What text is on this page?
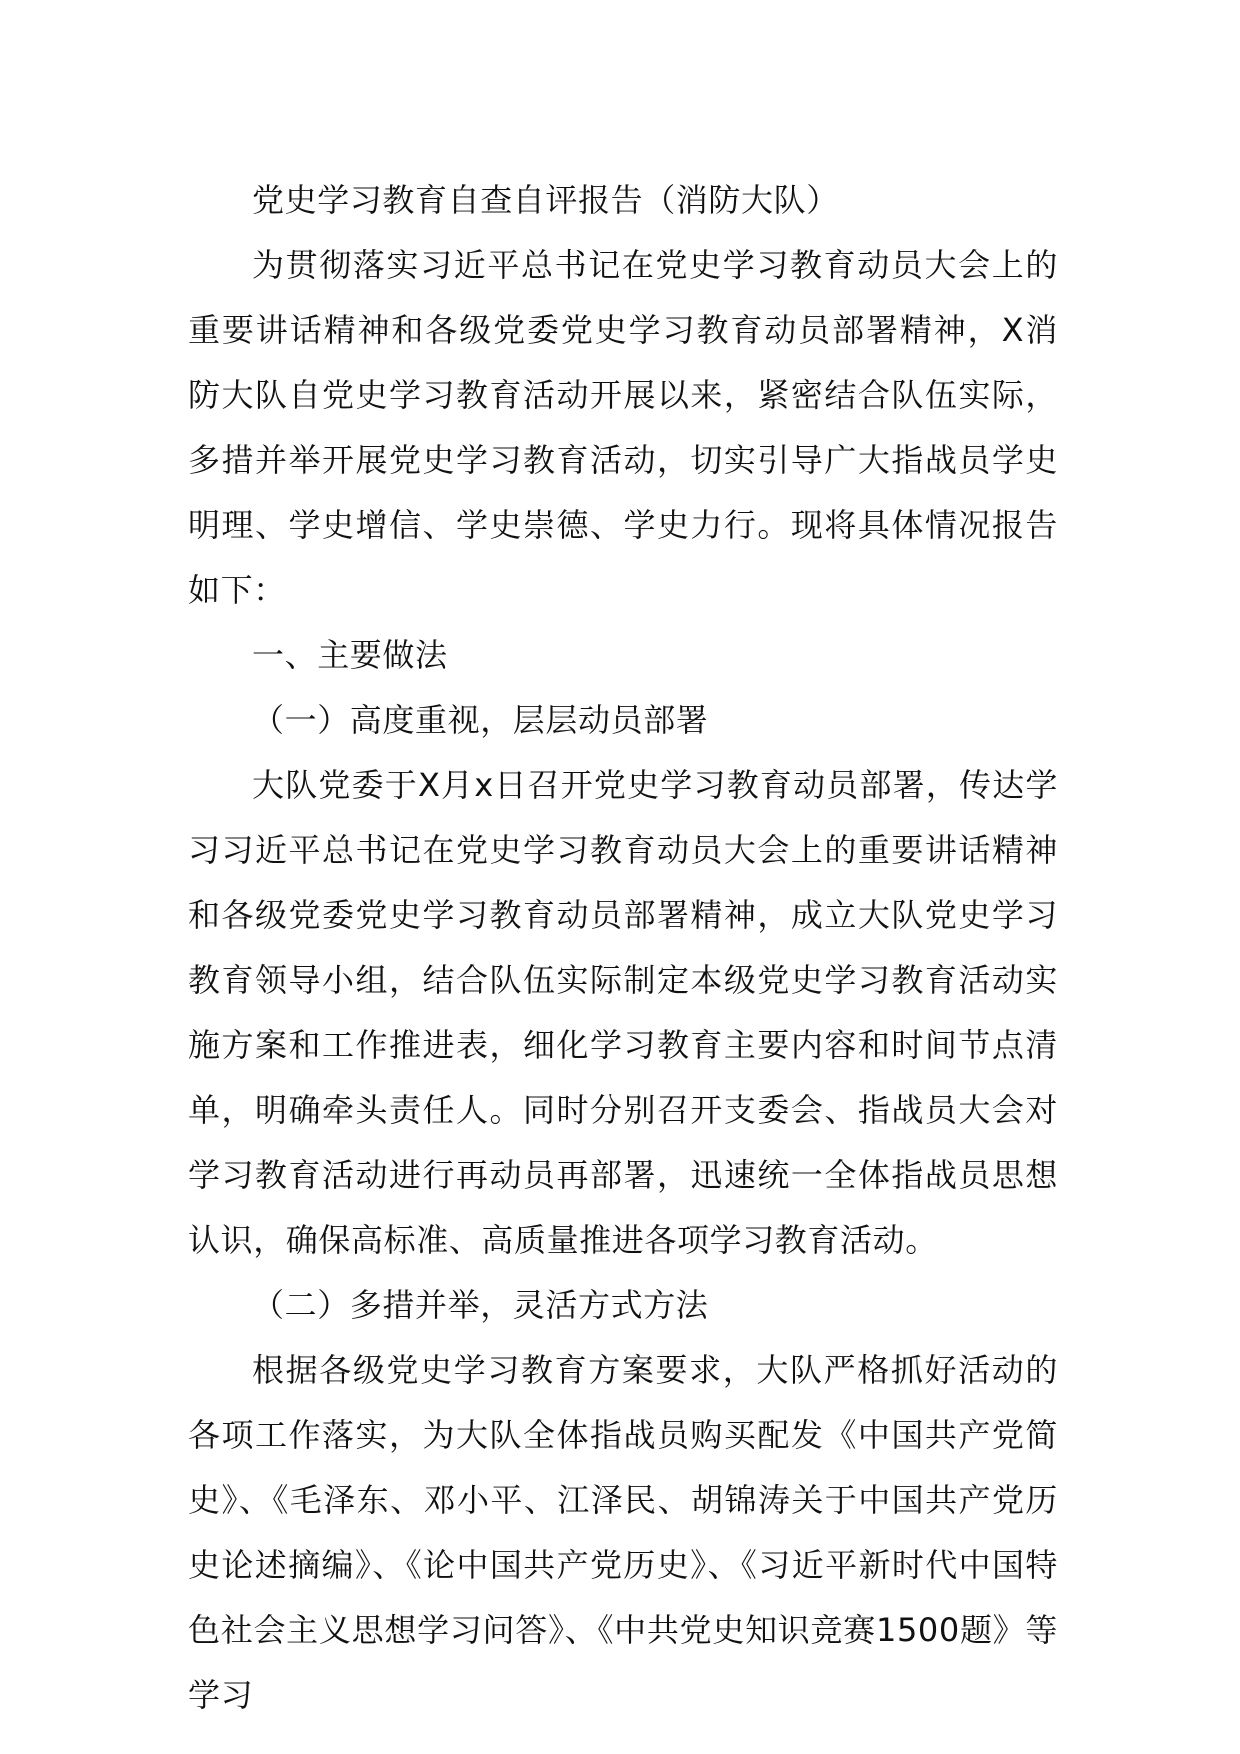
党史学习教育自查自评报告（消防大队）

为贯彻落实习近平总书记在党史学习教育动员大会上的重要讲话精神和各级党委党史学习教育动员部署精神，X消防大队自党史学习教育活动开展以来，紧密结合队伍实际，多措并举开展党史学习教育活动，切实引导广大指战员学史明理、学史增信、学史崇德、学史力行。现将具体情况报告如下：

一、主要做法

（一）高度重视，层层动员部署

大队党委于X月x日召开党史学习教育动员部署，传达学习习近平总书记在党史学习教育动员大会上的重要讲话精神和各级党委党史学习教育动员部署精神，成立大队党史学习教育领导小组，结合队伍实际制定本级党史学习教育活动实施方案和工作推进表，细化学习教育主要内容和时间节点清单，明确牵头责任人。同时分别召开支委会、指战员大会对学习教育活动进行再动员再部署，迅速统一全体指战员思想认识，确保高标准、高质量推进各项学习教育活动。

（二）多措并举，灵活方式方法

根据各级党史学习教育方案要求，大队严格抓好活动的各项工作落实，为大队全体指战员购买配发《中国共产党简史》、《毛泽东、邓小平、江泽民、胡锦涛关于中国共产党历史论述摘编》、《论中国共产党历史》、《习近平新时代中国特色社会主义思想学习问答》、《中共党史知识竞赛1500题》等学习
